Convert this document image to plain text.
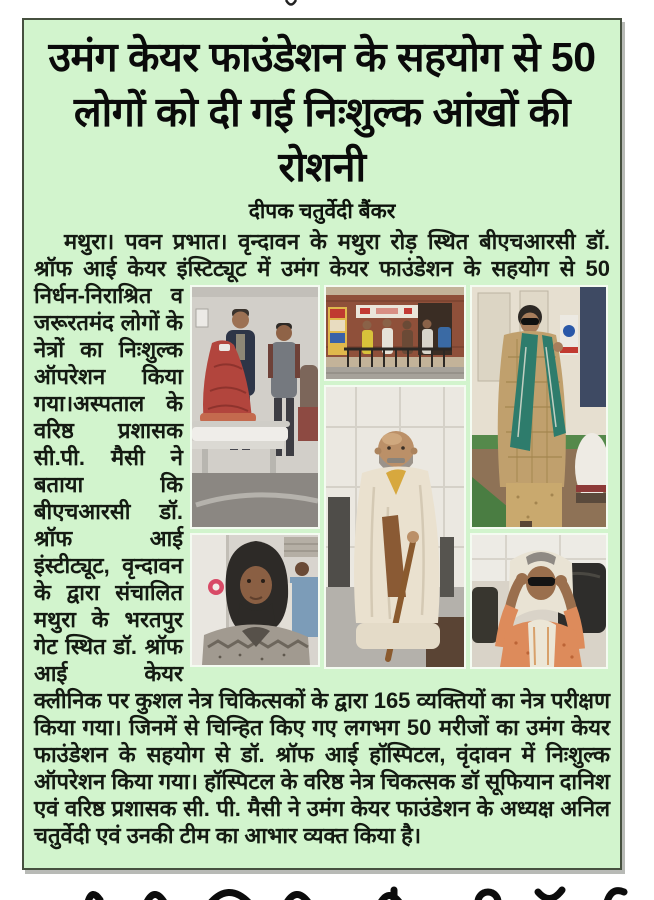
उमंग केयर फाउंडेशन के सहयोग से 50 लोगों को दी गई निःशुल्क आंखों की रोशनी
दीपक चतुर्वेदी बैंकर
मथुरा। पवन प्रभात। वृन्दावन के मथुरा रोड़ स्थित बीएचआरसी डॉ. श्रॉफ आई केयर इंस्टिट्यूट में उमंग केयर फाउंडेशन के सहयोग से 50 निर्धन-निराश्रित व जरूरतमंद लोगों के नेत्रों का निःशुल्क ऑपरेशन किया गया।अस्पताल के वरिष्ठ प्रशासक सी.पी. मैसी ने बताया कि बीएचआरसी डॉ. श्रॉफ आई इंस्टीट्यूट, वृन्दावन के द्वारा संचालित मथुरा के भरतपुर गेट स्थित डॉ. श्रॉफ आई केयर क्लीनिक पर कुशल नेत्र चिकित्सकों के द्वारा 165 व्यक्तियों का नेत्र परीक्षण किया गया। जिनमें से चिन्हित किए गए लगभग 50 मरीजों का उमंग केयर फाउंडेशन के सहयोग से डॉ. श्रॉफ आई हॉस्पिटल, वृंदावन में निःशुल्क ऑपरेशन किया गया। हॉस्पिटल के वरिष्ठ नेत्र चिकत्सक डॉ सूफियान दानिश एवं वरिष्ठ प्रशासक सी. पी. मैसी ने उमंग केयर फाउंडेशन के अध्यक्ष अनिल चतुर्वेदी एवं उनकी टीम का आभार व्यक्त किया है।
